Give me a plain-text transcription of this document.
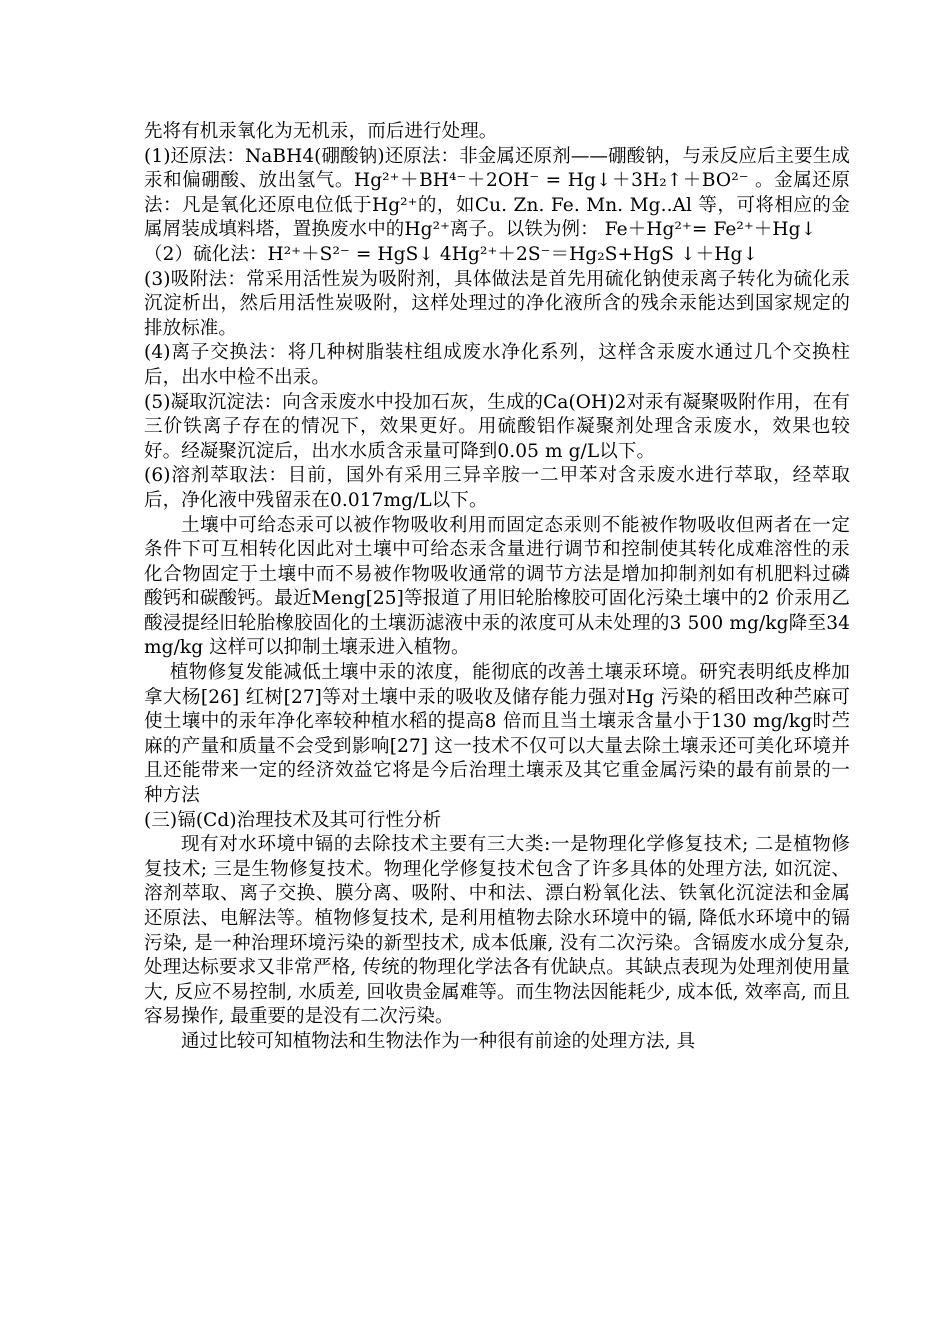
先将有机汞氧化为无机汞，而后进行处理。

(1)还原法：NaBH4(硼酸钠)还原法：非金属还原剂——硼酸钠，与汞反应后主要生成汞和偏硼酸、放出氢气。Hg²⁺＋BH⁴⁻＋2OH⁻ = Hg↓＋3H₂↑＋BO²⁻ 。金属还原法：凡是氧化还原电位低于Hg²⁺的，如Cu. Zn. Fe. Mn. Mg..Al 等，可将相应的金属屑装成填料塔，置换废水中的Hg²⁺离子。以铁为例： Fe＋Hg²⁺= Fe²⁺＋Hg↓

（2）硫化法：H²⁺＋S²⁻ = HgS↓ 4Hg²⁺＋2S⁻＝Hg₂S+HgS ↓＋Hg↓

(3)吸附法：常采用活性炭为吸附剂，具体做法是首先用硫化钠使汞离子转化为硫化汞沉淀析出，然后用活性炭吸附，这样处理过的净化液所含的残余汞能达到国家规定的排放标准。

(4)离子交换法：将几种树脂装柱组成废水净化系列，这样含汞废水通过几个交换柱后，出水中检不出汞。

(5)凝取沉淀法：向含汞废水中投加石灰，生成的Ca(OH)2对汞有凝聚吸附作用，在有三价铁离子存在的情况下，效果更好。用硫酸铝作凝聚剂处理含汞废水，效果也较好。经凝聚沉淀后，出水水质含汞量可降到0.05 m g/L以下。

(6)溶剂萃取法：目前，国外有采用三异辛胺一二甲苯对含汞废水进行萃取，经萃取后，净化液中残留汞在0.017mg/L以下。

土壤中可给态汞可以被作物吸收利用而固定态汞则不能被作物吸收但两者在一定条件下可互相转化因此对土壤中可给态汞含量进行调节和控制使其转化成难溶性的汞化合物固定于土壤中而不易被作物吸收通常的调节方法是增加抑制剂如有机肥料过磷酸钙和碳酸钙。最近Meng[25]等报道了用旧轮胎橡胶可固化污染土壤中的2 价汞用乙酸浸提经旧轮胎橡胶固化的土壤沥滤液中汞的浓度可从未处理的3 500 mg/kg降至34 mg/kg 这样可以抑制土壤汞进入植物。

植物修复发能减低土壤中汞的浓度，能彻底的改善土壤汞环境。研究表明纸皮桦加拿大杨[26] 红树[27]等对土壤中汞的吸收及储存能力强对Hg 污染的稻田改种苎麻可使土壤中的汞年净化率较种植水稻的提高8 倍而且当土壤汞含量小于130 mg/kg时苎麻的产量和质量不会受到影响[27] 这一技术不仅可以大量去除土壤汞还可美化环境并且还能带来一定的经济效益它将是今后治理土壤汞及其它重金属污染的最有前景的一种方法

(三)镉(Cd)治理技术及其可行性分析

现有对水环境中镉的去除技术主要有三大类:一是物理化学修复技术; 二是植物修复技术; 三是生物修复技术。物理化学修复技术包含了许多具体的处理方法, 如沉淀、溶剂萃取、离子交换、膜分离、吸附、中和法、漂白粉氧化法、铁氧化沉淀法和金属还原法、电解法等。植物修复技术, 是利用植物去除水环境中的镉, 降低水环境中的镉污染, 是一种治理环境污染的新型技术, 成本低廉, 没有二次污染。含镉废水成分复杂, 处理达标要求又非常严格, 传统的物理化学法各有优缺点。其缺点表现为处理剂使用量大, 反应不易控制, 水质差, 回收贵金属难等。而生物法因能耗少, 成本低, 效率高, 而且容易操作, 最重要的是没有二次污染。

通过比较可知植物法和生物法作为一种很有前途的处理方法, 具
